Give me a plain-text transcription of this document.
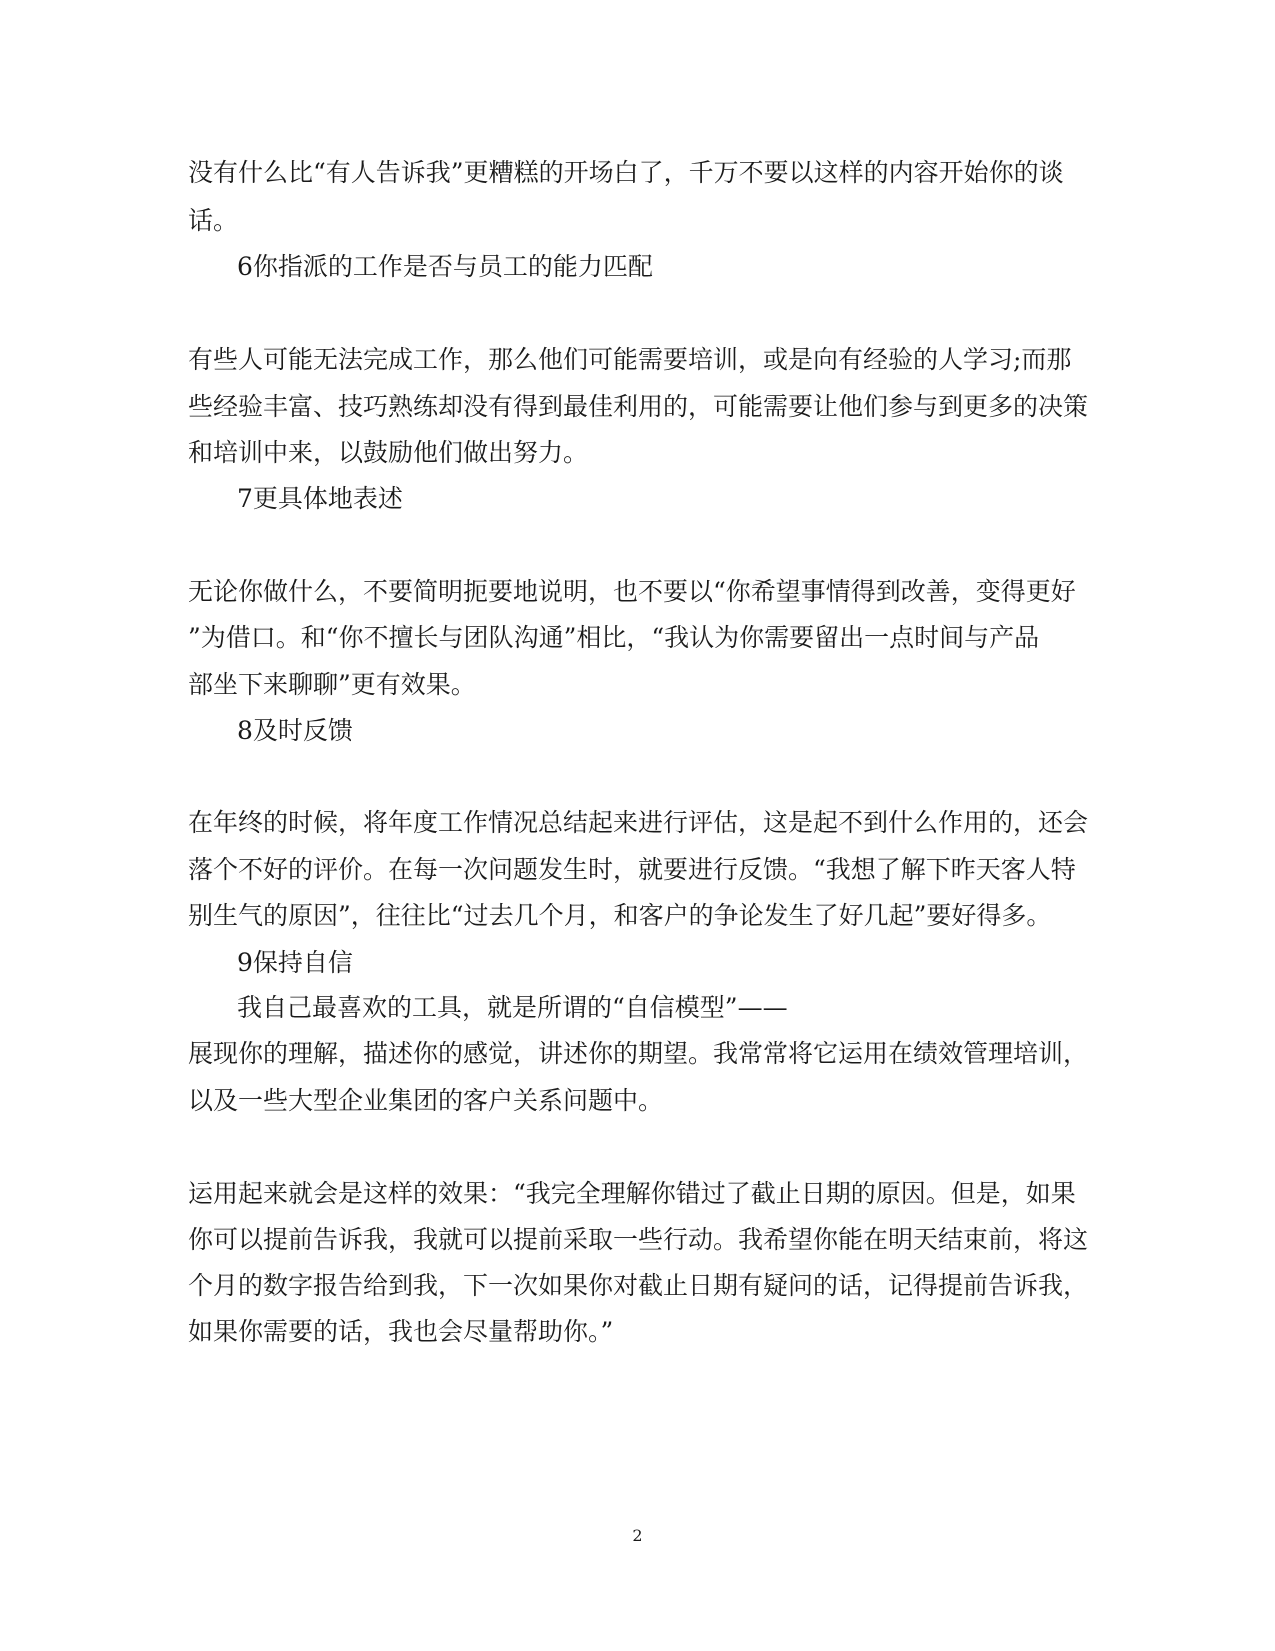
没有什么比“有人告诉我”更糟糕的开场白了，千万不要以这样的内容开始你的谈

话。

6你指派的工作是否与员工的能力匹配

有些人可能无法完成工作，那么他们可能需要培训，或是向有经验的人学习;而那

些经验丰富、技巧熟练却没有得到最佳利用的，可能需要让他们参与到更多的决策

和培训中来，以鼓励他们做出努力。

7更具体地表述

无论你做什么，不要简明扼要地说明，也不要以“你希望事情得到改善，变得更好

”为借口。和“你不擅长与团队沟通”相比，“我认为你需要留出一点时间与产品

部坐下来聊聊”更有效果。

8及时反馈

在年终的时候，将年度工作情况总结起来进行评估，这是起不到什么作用的，还会

落个不好的评价。在每一次问题发生时，就要进行反馈。“我想了解下昨天客人特

别生气的原因”，往往比“过去几个月，和客户的争论发生了好几起”要好得多。

9保持自信

我自己最喜欢的工具，就是所谓的“自信模型”——

展现你的理解，描述你的感觉，讲述你的期望。我常常将它运用在绩效管理培训，

以及一些大型企业集团的客户关系问题中。

运用起来就会是这样的效果：“我完全理解你错过了截止日期的原因。但是，如果

你可以提前告诉我，我就可以提前采取一些行动。我希望你能在明天结束前，将这

个月的数字报告给到我，下一次如果你对截止日期有疑问的话，记得提前告诉我，

如果你需要的话，我也会尽量帮助你。”

2
